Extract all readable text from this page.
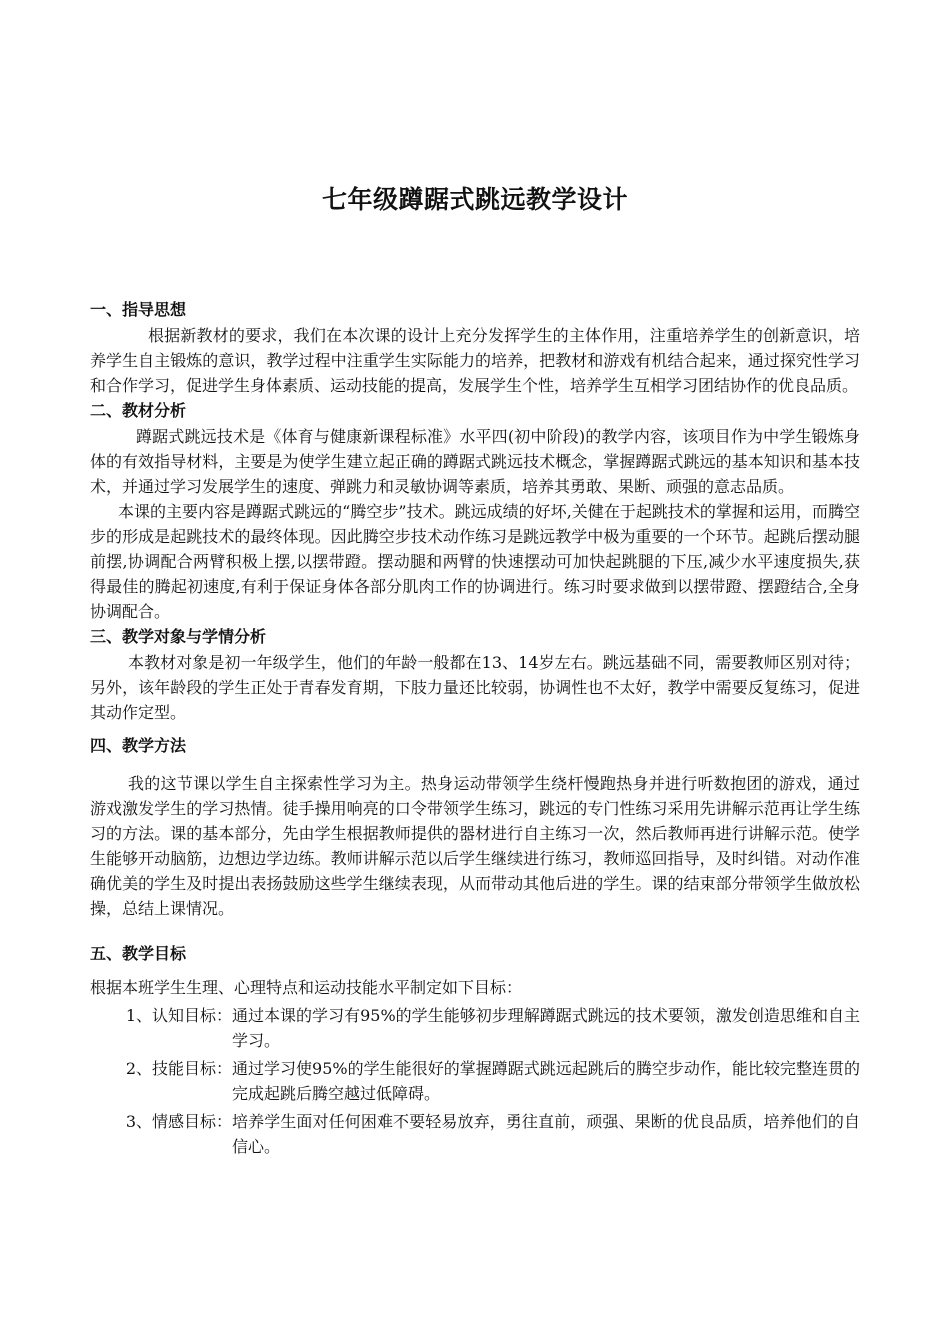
七年级蹲踞式跳远教学设计
一、指导思想

根据新教材的要求，我们在本次课的设计上充分发挥学生的主体作用，注重培养学生的创新意识，培养学生自主锻炼的意识，教学过程中注重学生实际能力的培养，把教材和游戏有机结合起来，通过探究性学习和合作学习，促进学生身体素质、运动技能的提高，发展学生个性，培养学生互相学习团结协作的优良品质。

二、教材分析

蹲踞式跳远技术是《体育与健康新课程标准》水平四(初中阶段)的教学内容，该项目作为中学生锻炼身体的有效指导材料，主要是为使学生建立起正确的蹲踞式跳远技术概念，掌握蹲踞式跳远的基本知识和基本技术，并通过学习发展学生的速度、弹跳力和灵敏协调等素质，培养其勇敢、果断、顽强的意志品质。

本课的主要内容是蹲踞式跳远的“腾空步”技术。跳远成绩的好坏,关健在于起跳技术的掌握和运用，而腾空步的形成是起跳技术的最终体现。因此腾空步技术动作练习是跳远教学中极为重要的一个环节。起跳后摆动腿前摆,协调配合两臂积极上摆,以摆带蹬。摆动腿和两臂的快速摆动可加快起跳腿的下压,减少水平速度损失,获得最佳的腾起初速度,有利于保证身体各部分肌肉工作的协调进行。练习时要求做到以摆带蹬、摆蹬结合,全身协调配合。

三、教学对象与学情分析

本教材对象是初一年级学生，他们的年龄一般都在13、14岁左右。跳远基础不同，需要教师区别对待；另外，该年龄段的学生正处于青春发育期，下肢力量还比较弱，协调性也不太好，教学中需要反复练习，促进其动作定型。

四、教学方法

我的这节课以学生自主探索性学习为主。热身运动带领学生绕杆慢跑热身并进行听数抱团的游戏，通过游戏激发学生的学习热情。徒手操用响亮的口令带领学生练习，跳远的专门性练习采用先讲解示范再让学生练习的方法。课的基本部分，先由学生根据教师提供的器材进行自主练习一次，然后教师再进行讲解示范。使学生能够开动脑筋，边想边学边练。教师讲解示范以后学生继续进行练习，教师巡回指导，及时纠错。对动作准确优美的学生及时提出表扬鼓励这些学生继续表现，从而带动其他后进的学生。课的结束部分带领学生做放松操，总结上课情况。

五、教学目标

根据本班学生生理、心理特点和运动技能水平制定如下目标：

1、认知目标： 通过本课的学习有95%的学生能够初步理解蹲踞式跳远的技术要领，激发创造思维和自主学习。
2、技能目标： 通过学习使95%的学生能很好的掌握蹲踞式跳远起跳后的腾空步动作，能比较完整连贯的完成起跳后腾空越过低障碍。
3、情感目标： 培养学生面对任何困难不要轻易放弃，勇往直前，顽强、果断的优良品质，培养他们的自信心。
